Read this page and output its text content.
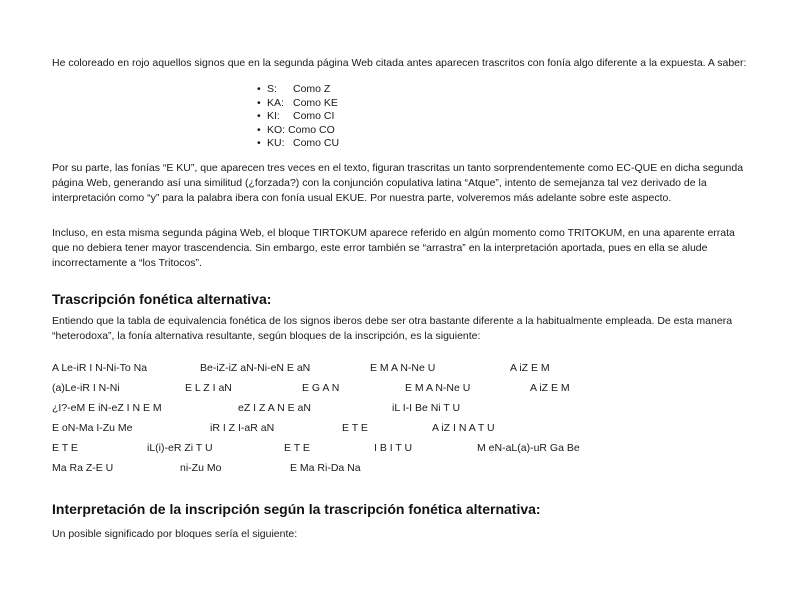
He coloreado en rojo aquellos signos que en la segunda página Web citada antes aparecen trascritos con fonía algo diferente a la expuesta. A saber:

• S: Como Z
• KA: Como KE
• KI: Como CI
• KO: Como CO
• KU: Como CU

Por su parte, las fonías “E KU”, que aparecen tres veces en el texto, figuran trascritas un tanto sorprendentemente como EC-QUE en dicha segunda página Web, generando así una similitud (¿forzada?) con la conjunción copulativa latina “Atque”, intento de semejanza tal vez derivado de la interpretación como “y” para la palabra ibera con fonía usual EKUE. Por nuestra parte, volveremos más adelante sobre este aspecto.

Incluso, en esta misma segunda página Web, el bloque TIRTOKUM aparece referido en algún momento como TRITOKUM, en una aparente errata que no debiera tener mayor trascendencia. Sin embargo, este error también se “arrastra” en la interpretación aportada, pues en ella se alude incorrectamente a “los Tritocos”.

Trascripción fonética alternativa:

Entiendo que la tabla de equivalencia fonética de los signos iberos debe ser otra bastante diferente a la habitualmente empleada. De esta manera “heterodoxa”, la fonía alternativa resultante, según bloques de la inscripción, es la siguiente:

A Le-iR I N-Ni-To Na	Be-iZ-iZ aN-Ni-eN E aN	E M A N-Ne U	A iZ E M
(a)Le-iR I N-Ni	E L Z I aN	E G A N	E M A N-Ne U	A iZ E M
¿I?-eM E iN-eZ I N E M	eZ I Z A N E aN	iL I-I Be Ni T U
E oN-Ma I-Zu Me	iR I Z I-aR aN	E T E	A iZ I N A T U
E T E	iL(i)-eR Zi T U	E T E	I B I T U	M eN-aL(a)-uR Ga Be
Ma Ra Z-E U	ni-Zu Mo	E Ma Ri-Da Na
Interpretación de la inscripción según la trascripción fonética alternativa:

Un posible significado por bloques sería el siguiente:
